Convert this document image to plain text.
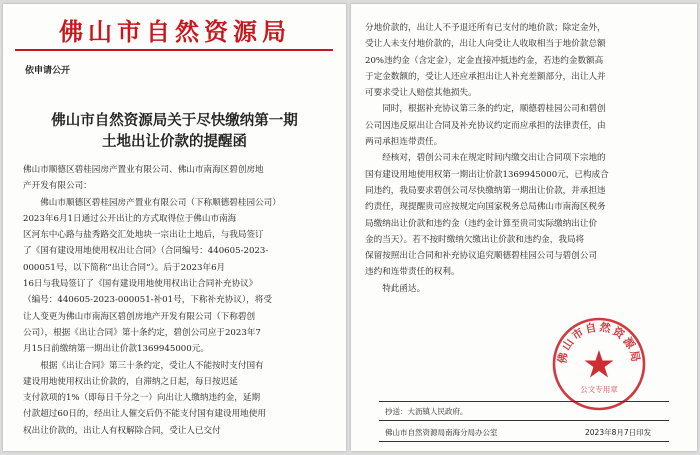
佛山市自然资源局
依申请公开
佛山市自然资源局关于尽快缴纳第一期
土地出让价款的提醒函

佛山市顺德区碧桂园房产置业有限公司、佛山市南海区碧创房地

产开发有限公司：

佛山市顺德区碧桂园房产置业有限公司（下称顺德碧桂园公司）

2023年6月1日通过公开出让的方式取得位于佛山市南海

区河东中心路与盐秀路交汇处地块一宗出让土地后，与我局签订

了《国有建设用地使用权出让合同》（合同编号：440605-2023-

000051号，以下简称“出让合同”）。后于2023年6月

16日与我局签订了《国有建设用地使用权出让合同补充协议》

（编号：440605-2023-000051-补01号，下称补充协议），将受

让人变更为佛山市南海区碧创房地产开发有限公司（下称碧创

公司），根据《出让合同》第十条约定，碧创公司应于2023年7

月15日前缴纳第一期出让价款1369945000元。

根据《出让合同》第三十条约定，受让人不能按时支付国有

建设用地使用权出让价款的，自滞纳之日起，每日按迟延

支付款项的1%（即每日千分之一）向出让人缴纳违约金，延期

付款超过60日的，经出让人催交后仍不能支付国有建设用地使用

权出让价款的，出让人有权解除合同，受让人已交付

分地价款的，出让人不予退还所有已支付的地价款；除定金外，

受让人未支付地价款的，出让人向受让人收取相当于地价款总额

20%违约金（含定金），定金直接冲抵违约金，若违约金数额高

于定金数额的，受让人还应承担出让人补充差额部分，出让人并

可要求受让人赔偿其他损失。

同时，根据补充协议第三条的约定，顺德碧桂园公司和碧创

公司因违反原出让合同及补充协议约定而应承担的法律责任，由

两司承担连带责任。

经核对，碧创公司未在规定时间内缴交出让合同项下宗地的

国有建设用地使用权第一期出让价款1369945000元，已构成合

同违约，我局要求碧创公司尽快缴纳第一期出让价款，并承担违

约责任，现提醒贵司应按规定向国家税务总局佛山市南海区税务

局缴纳出让价款和违约金（违约金计算至贵司实际缴纳出让价

金的当天）。若不按时缴纳欠缴出让价款和违约金，我局将

保留按照出让合同和补充协议追究顺德碧桂园公司与碧创公司

违约和连带责任的权利。

特此函达。

佛山市自然资源局
公文专用章
抄送：大沥镇人民政府。
佛山市自然资源局南海分局办公室	2023年8月7日印发
